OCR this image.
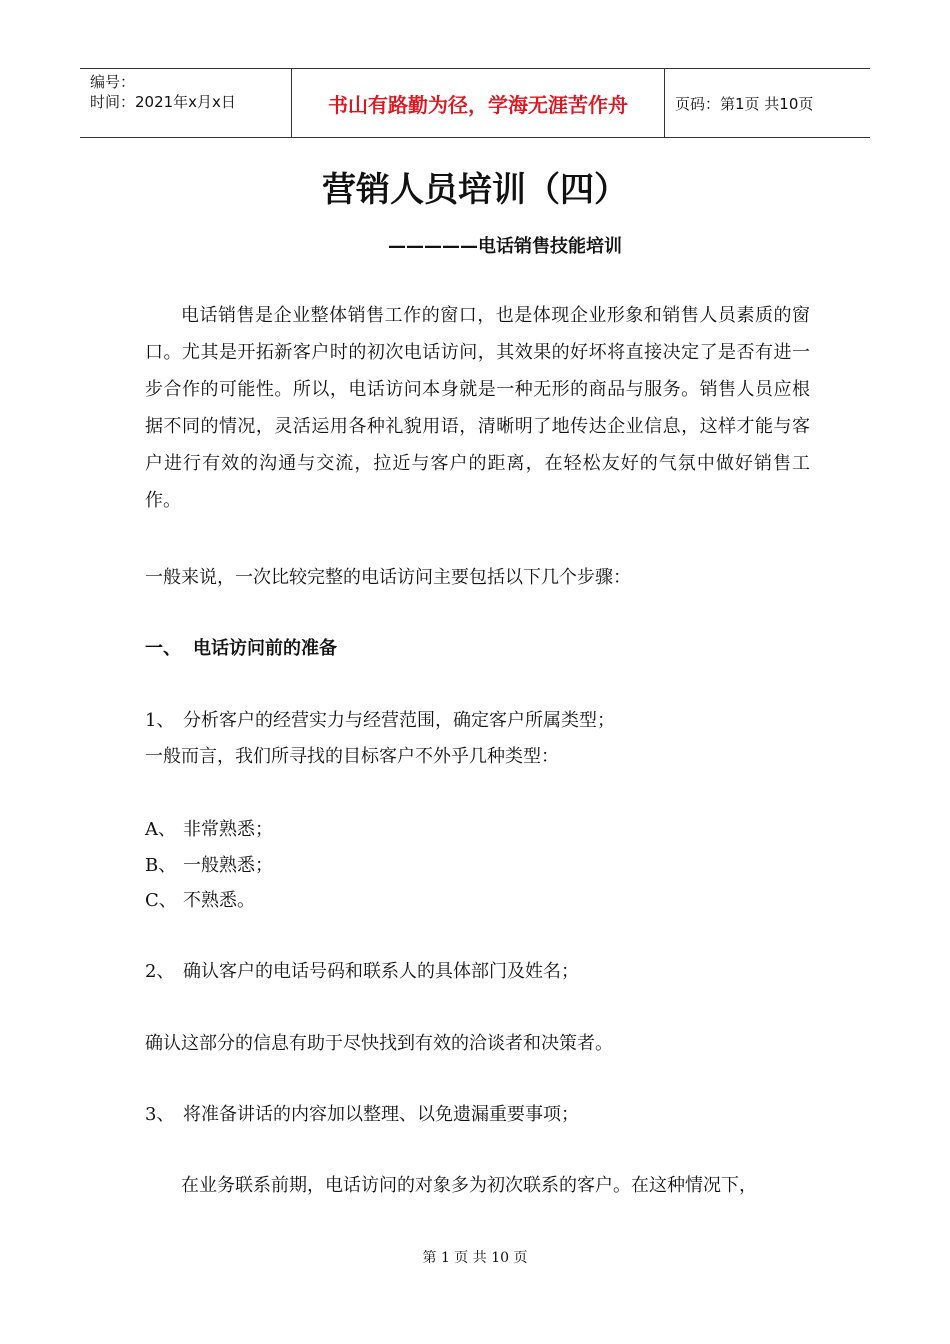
编号：
时间：2021年x月x日	书山有路勤为径，学海无涯苦作舟	页码：第1页 共10页
营销人员培训（四）
—————电话销售技能培训

电话销售是企业整体销售工作的窗口，也是体现企业形象和销售人员素质的窗口。尤其是开拓新客户时的初次电话访问，其效果的好坏将直接决定了是否有进一步合作的可能性。所以，电话访问本身就是一种无形的商品与服务。销售人员应根据不同的情况，灵活运用各种礼貌用语，清晰明了地传达企业信息，这样才能与客户进行有效的沟通与交流，拉近与客户的距离，在轻松友好的气氛中做好销售工作。

一般来说，一次比较完整的电话访问主要包括以下几个步骤：
一、 电话访问前的准备
1、 分析客户的经营实力与经营范围，确定客户所属类型；
一般而言，我们所寻找的目标客户不外乎几种类型：
A、 非常熟悉；
B、 一般熟悉；
C、 不熟悉。
2、 确认客户的电话号码和联系人的具体部门及姓名；
确认这部分的信息有助于尽快找到有效的洽谈者和决策者。
3、 将准备讲话的内容加以整理、以免遗漏重要事项；
在业务联系前期，电话访问的对象多为初次联系的客户。在这种情况下，
第 1 页 共 10 页
